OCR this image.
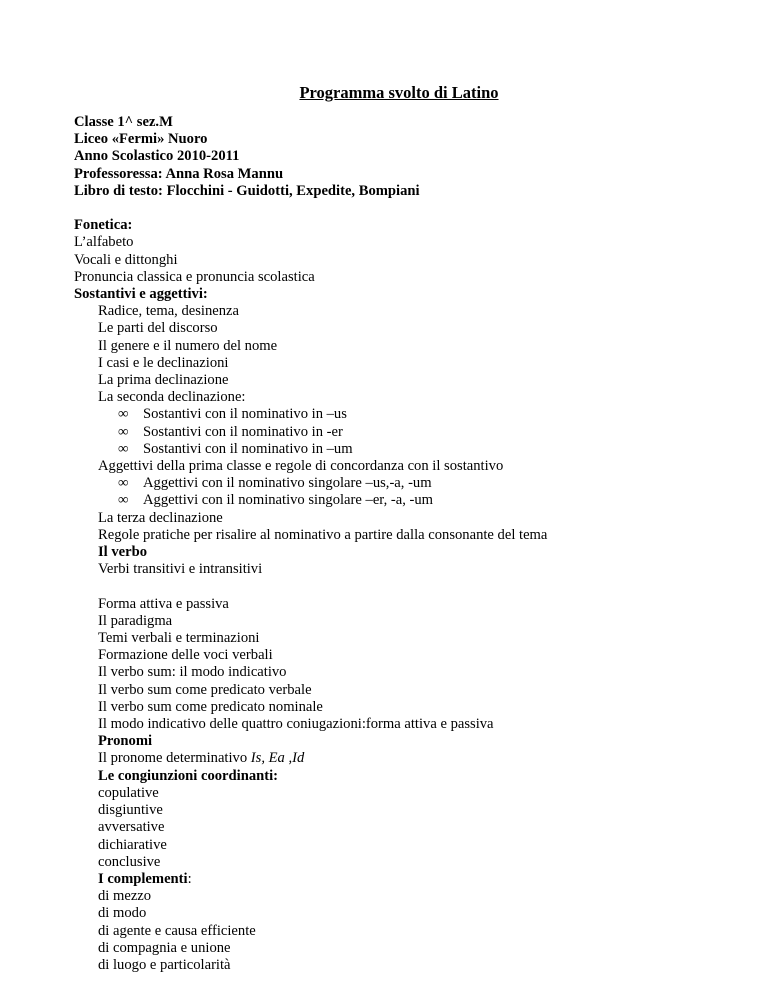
Programma svolto di Latino
Classe 1^ sez.M
Liceo «Fermi» Nuoro
Anno Scolastico 2010-2011
Professoressa: Anna Rosa Mannu
Libro di testo: Flocchini - Guidotti, Expedite, Bompiani
Fonetica:
L’alfabeto
Vocali e dittonghi
Pronuncia classica e pronuncia scolastica
Sostantivi e aggettivi:
Radice, tema, desinenza
Le parti del discorso
Il genere e il numero del nome
I casi e le declinazioni
La prima declinazione
La seconda declinazione:
∞ Sostantivi con il nominativo in –us
∞ Sostantivi con il nominativo in -er
∞ Sostantivi con il nominativo in –um
Aggettivi della prima classe e regole di concordanza con il sostantivo
∞ Aggettivi con il nominativo singolare –us,-a, -um
∞ Aggettivi con il nominativo singolare –er, -a, -um
La terza declinazione
Regole pratiche per risalire al nominativo a partire dalla consonante del tema
Il verbo
Verbi transitivi e intransitivi
Forma attiva e passiva
Il paradigma
Temi verbali e terminazioni
Formazione delle voci verbali
Il verbo sum: il modo indicativo
Il verbo sum come predicato verbale
Il verbo sum come predicato nominale
Il modo indicativo delle quattro coniugazioni:forma attiva e passiva
Pronomi
Il pronome determinativo Is, Ea ,Id
Le congiunzioni coordinanti:
copulative
disgiuntive
avversative
dichiarative
conclusive
I complementi:
di mezzo
di modo
di agente e causa efficiente
di compagnia e unione
di luogo e particolarità
